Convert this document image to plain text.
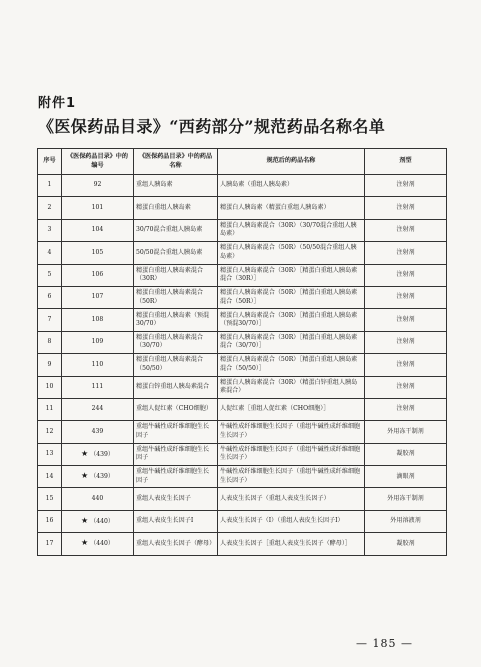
附件1
《医保药品目录》“西药部分”规范药品名称名单
序号	《医保药品目录》中的编号	《医保药品目录》中的药品名称	规范后的药品名称	剂型
1	92	重组人胰岛素	人胰岛素（重组人胰岛素）	注射剂
2	101	精蛋白重组人胰岛素	精蛋白人胰岛素（精蛋白重组人胰岛素）	注射剂
3	104	30/70混合重组人胰岛素	精蛋白人胰岛素混合（30R）（30/70混合重组人胰岛素）	注射剂
4	105	50/50混合重组人胰岛素	精蛋白人胰岛素混合（50R）（50/50混合重组人胰岛素）	注射剂
5	106	精蛋白重组人胰岛素混合（30R）	精蛋白人胰岛素混合（30R）［精蛋白重组人胰岛素混合（30R）］	注射剂
6	107	精蛋白重组人胰岛素混合（50R）	精蛋白人胰岛素混合（50R）［精蛋白重组人胰岛素混合（50R）］	注射剂
7	108	精蛋白重组人胰岛素（预混30/70）	精蛋白人胰岛素混合（30R）［精蛋白重组人胰岛素（预混30/70）］	注射剂
8	109	精蛋白重组人胰岛素混合（30/70）	精蛋白人胰岛素混合（30R）［精蛋白重组人胰岛素混合（30/70）］	注射剂
9	110	精蛋白重组人胰岛素混合（50/50）	精蛋白人胰岛素混合（50R）［精蛋白重组人胰岛素混合（50/50）］	注射剂
10	111	精蛋白锌重组人胰岛素混合	精蛋白人胰岛素混合（30R）（精蛋白锌重组人胰岛素混合）	注射剂
11	244	重组人促红素（CHO细胞）	人促红素［重组人促红素（CHO细胞）］	注射剂
12	439	重组牛碱性成纤维细胞生长因子	牛碱性成纤维细胞生长因子（重组牛碱性成纤维细胞生长因子）	外用冻干制剂
13	★ （439）	重组牛碱性成纤维细胞生长因子	牛碱性成纤维细胞生长因子（重组牛碱性成纤维细胞生长因子）	凝胶剂
14	★ （439）	重组牛碱性成纤维细胞生长因子	牛碱性成纤维细胞生长因子（重组牛碱性成纤维细胞生长因子）	滴眼剂
15	440	重组人表皮生长因子	人表皮生长因子（重组人表皮生长因子）	外用冻干制剂
16	★ （440）	重组人表皮生长因子Ⅰ	人表皮生长因子（Ⅰ）（重组人表皮生长因子Ⅰ）	外用溶液剂
17	★ （440）	重组人表皮生长因子（酵母）	人表皮生长因子［重组人表皮生长因子（酵母）］	凝胶剂
— 185 —
